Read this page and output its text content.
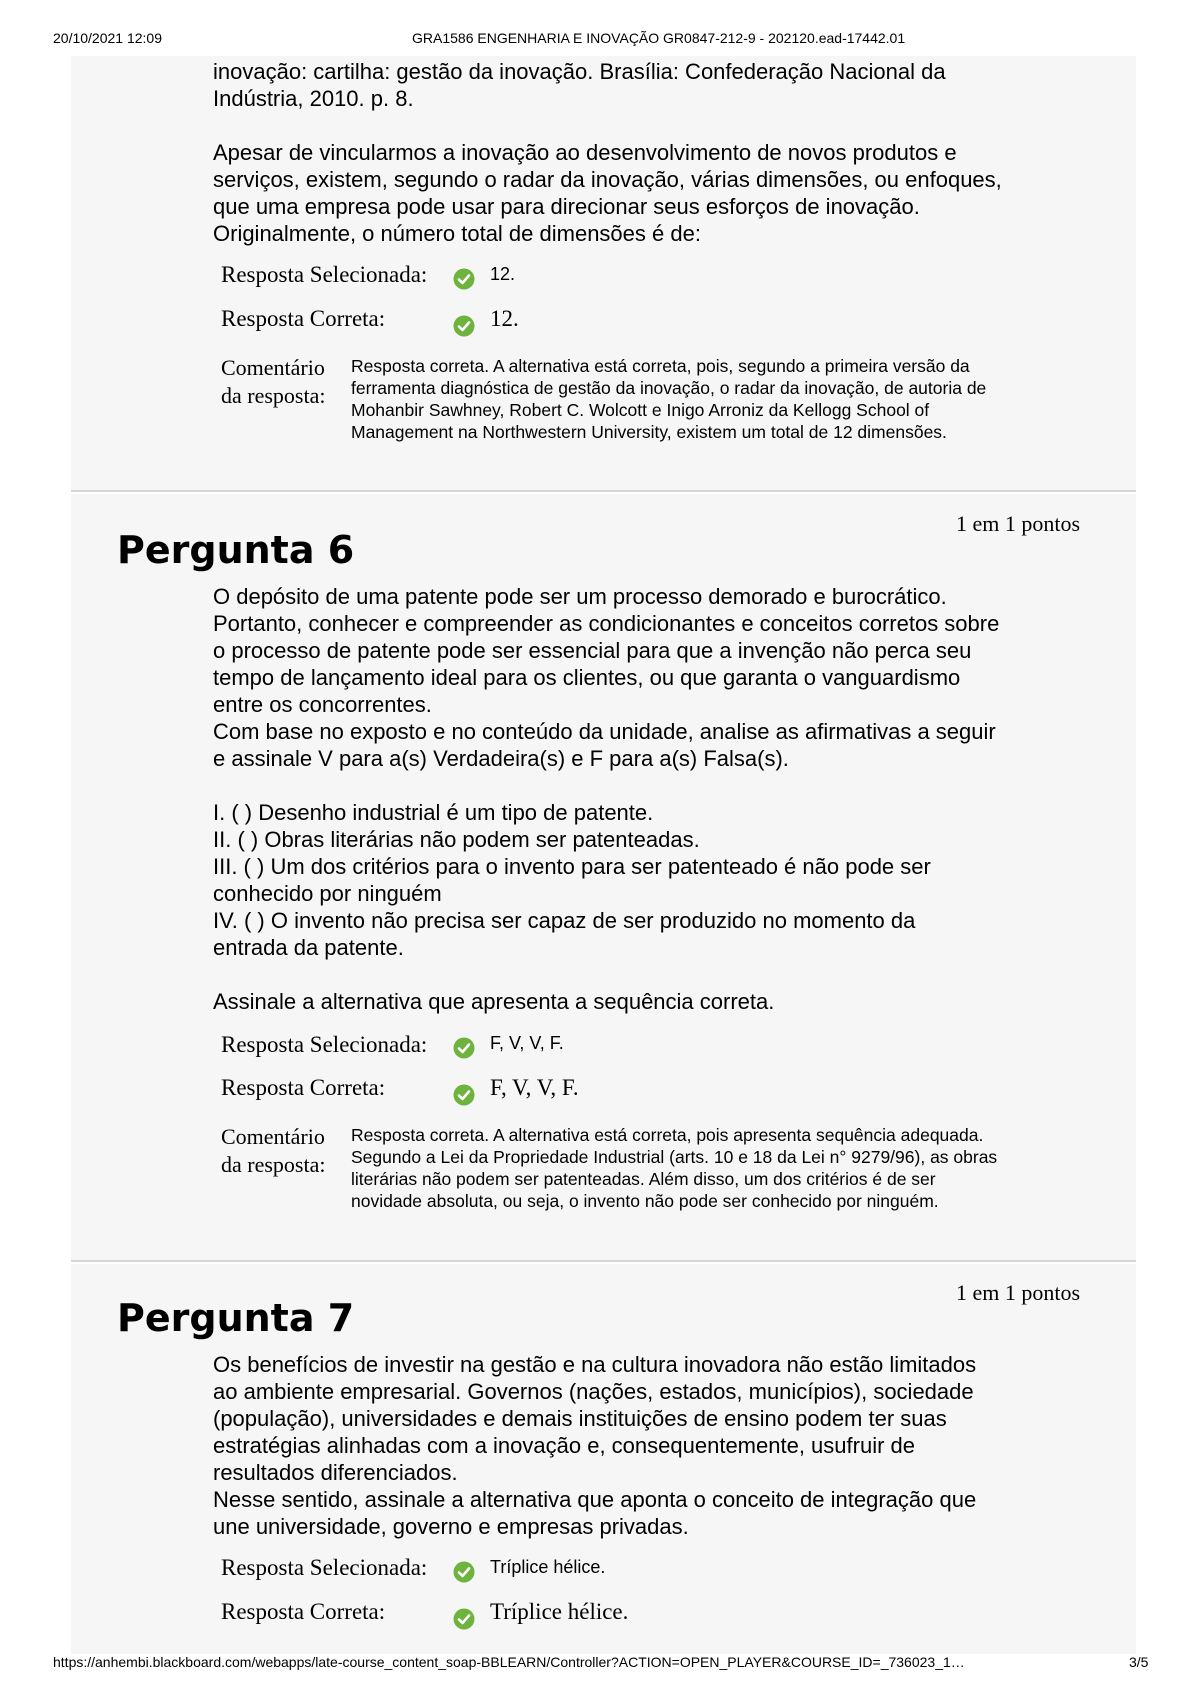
20/10/2021 12:09	GRA1586 ENGENHARIA E INOVAÇÃO GR0847-212-9 - 202120.ead-17442.01

inovação: cartilha: gestão da inovação. Brasília: Confederação Nacional da

Indústria, 2010. p. 8.

Apesar de vincularmos a inovação ao desenvolvimento de novos produtos e

serviços, existem, segundo o radar da inovação, várias dimensões, ou enfoques,

que uma empresa pode usar para direcionar seus esforços de inovação.

Originalmente, o número total de dimensões é de:

Resposta Selecionada:	12.
Resposta Correta:	12.
Comentário
da resposta:
Resposta correta. A alternativa está correta, pois, segundo a primeira versão da
ferramenta diagnóstica de gestão da inovação, o radar da inovação, de autoria de
Mohanbir Sawhney, Robert C. Wolcott e Inigo Arroniz da Kellogg School of
Management na Northwestern University, existem um total de 12 dimensões.
1 em 1 pontos
Pergunta 6

O depósito de uma patente pode ser um processo demorado e burocrático.

Portanto, conhecer e compreender as condicionantes e conceitos corretos sobre

o processo de patente pode ser essencial para que a invenção não perca seu

tempo de lançamento ideal para os clientes, ou que garanta o vanguardismo

entre os concorrentes.

Com base no exposto e no conteúdo da unidade, analise as afirmativas a seguir

e assinale V para a(s) Verdadeira(s) e F para a(s) Falsa(s).

I. ( ) Desenho industrial é um tipo de patente.

II. ( ) Obras literárias não podem ser patenteadas.

III. ( ) Um dos critérios para o invento para ser patenteado é não pode ser

conhecido por ninguém

IV. ( ) O invento não precisa ser capaz de ser produzido no momento da

entrada da patente.

Assinale a alternativa que apresenta a sequência correta.

Resposta Selecionada:	F, V, V, F.
Resposta Correta:	F, V, V, F.
Comentário
da resposta:
Resposta correta. A alternativa está correta, pois apresenta sequência adequada.
Segundo a Lei da Propriedade Industrial (arts. 10 e 18 da Lei n° 9279/96), as obras
literárias não podem ser patenteadas. Além disso, um dos critérios é de ser
novidade absoluta, ou seja, o invento não pode ser conhecido por ninguém.
1 em 1 pontos
Pergunta 7

Os benefícios de investir na gestão e na cultura inovadora não estão limitados

ao ambiente empresarial. Governos (nações, estados, municípios), sociedade

(população), universidades e demais instituições de ensino podem ter suas

estratégias alinhadas com a inovação e, consequentemente, usufruir de

resultados diferenciados.

Nesse sentido, assinale a alternativa que aponta o conceito de integração que

une universidade, governo e empresas privadas.

Resposta Selecionada:	Tríplice hélice.
Resposta Correta:	Tríplice hélice.
https://anhembi.blackboard.com/webapps/late-course_content_soap-BBLEARN/Controller?ACTION=OPEN_PLAYER&COURSE_ID=_736023_1…	3/5
